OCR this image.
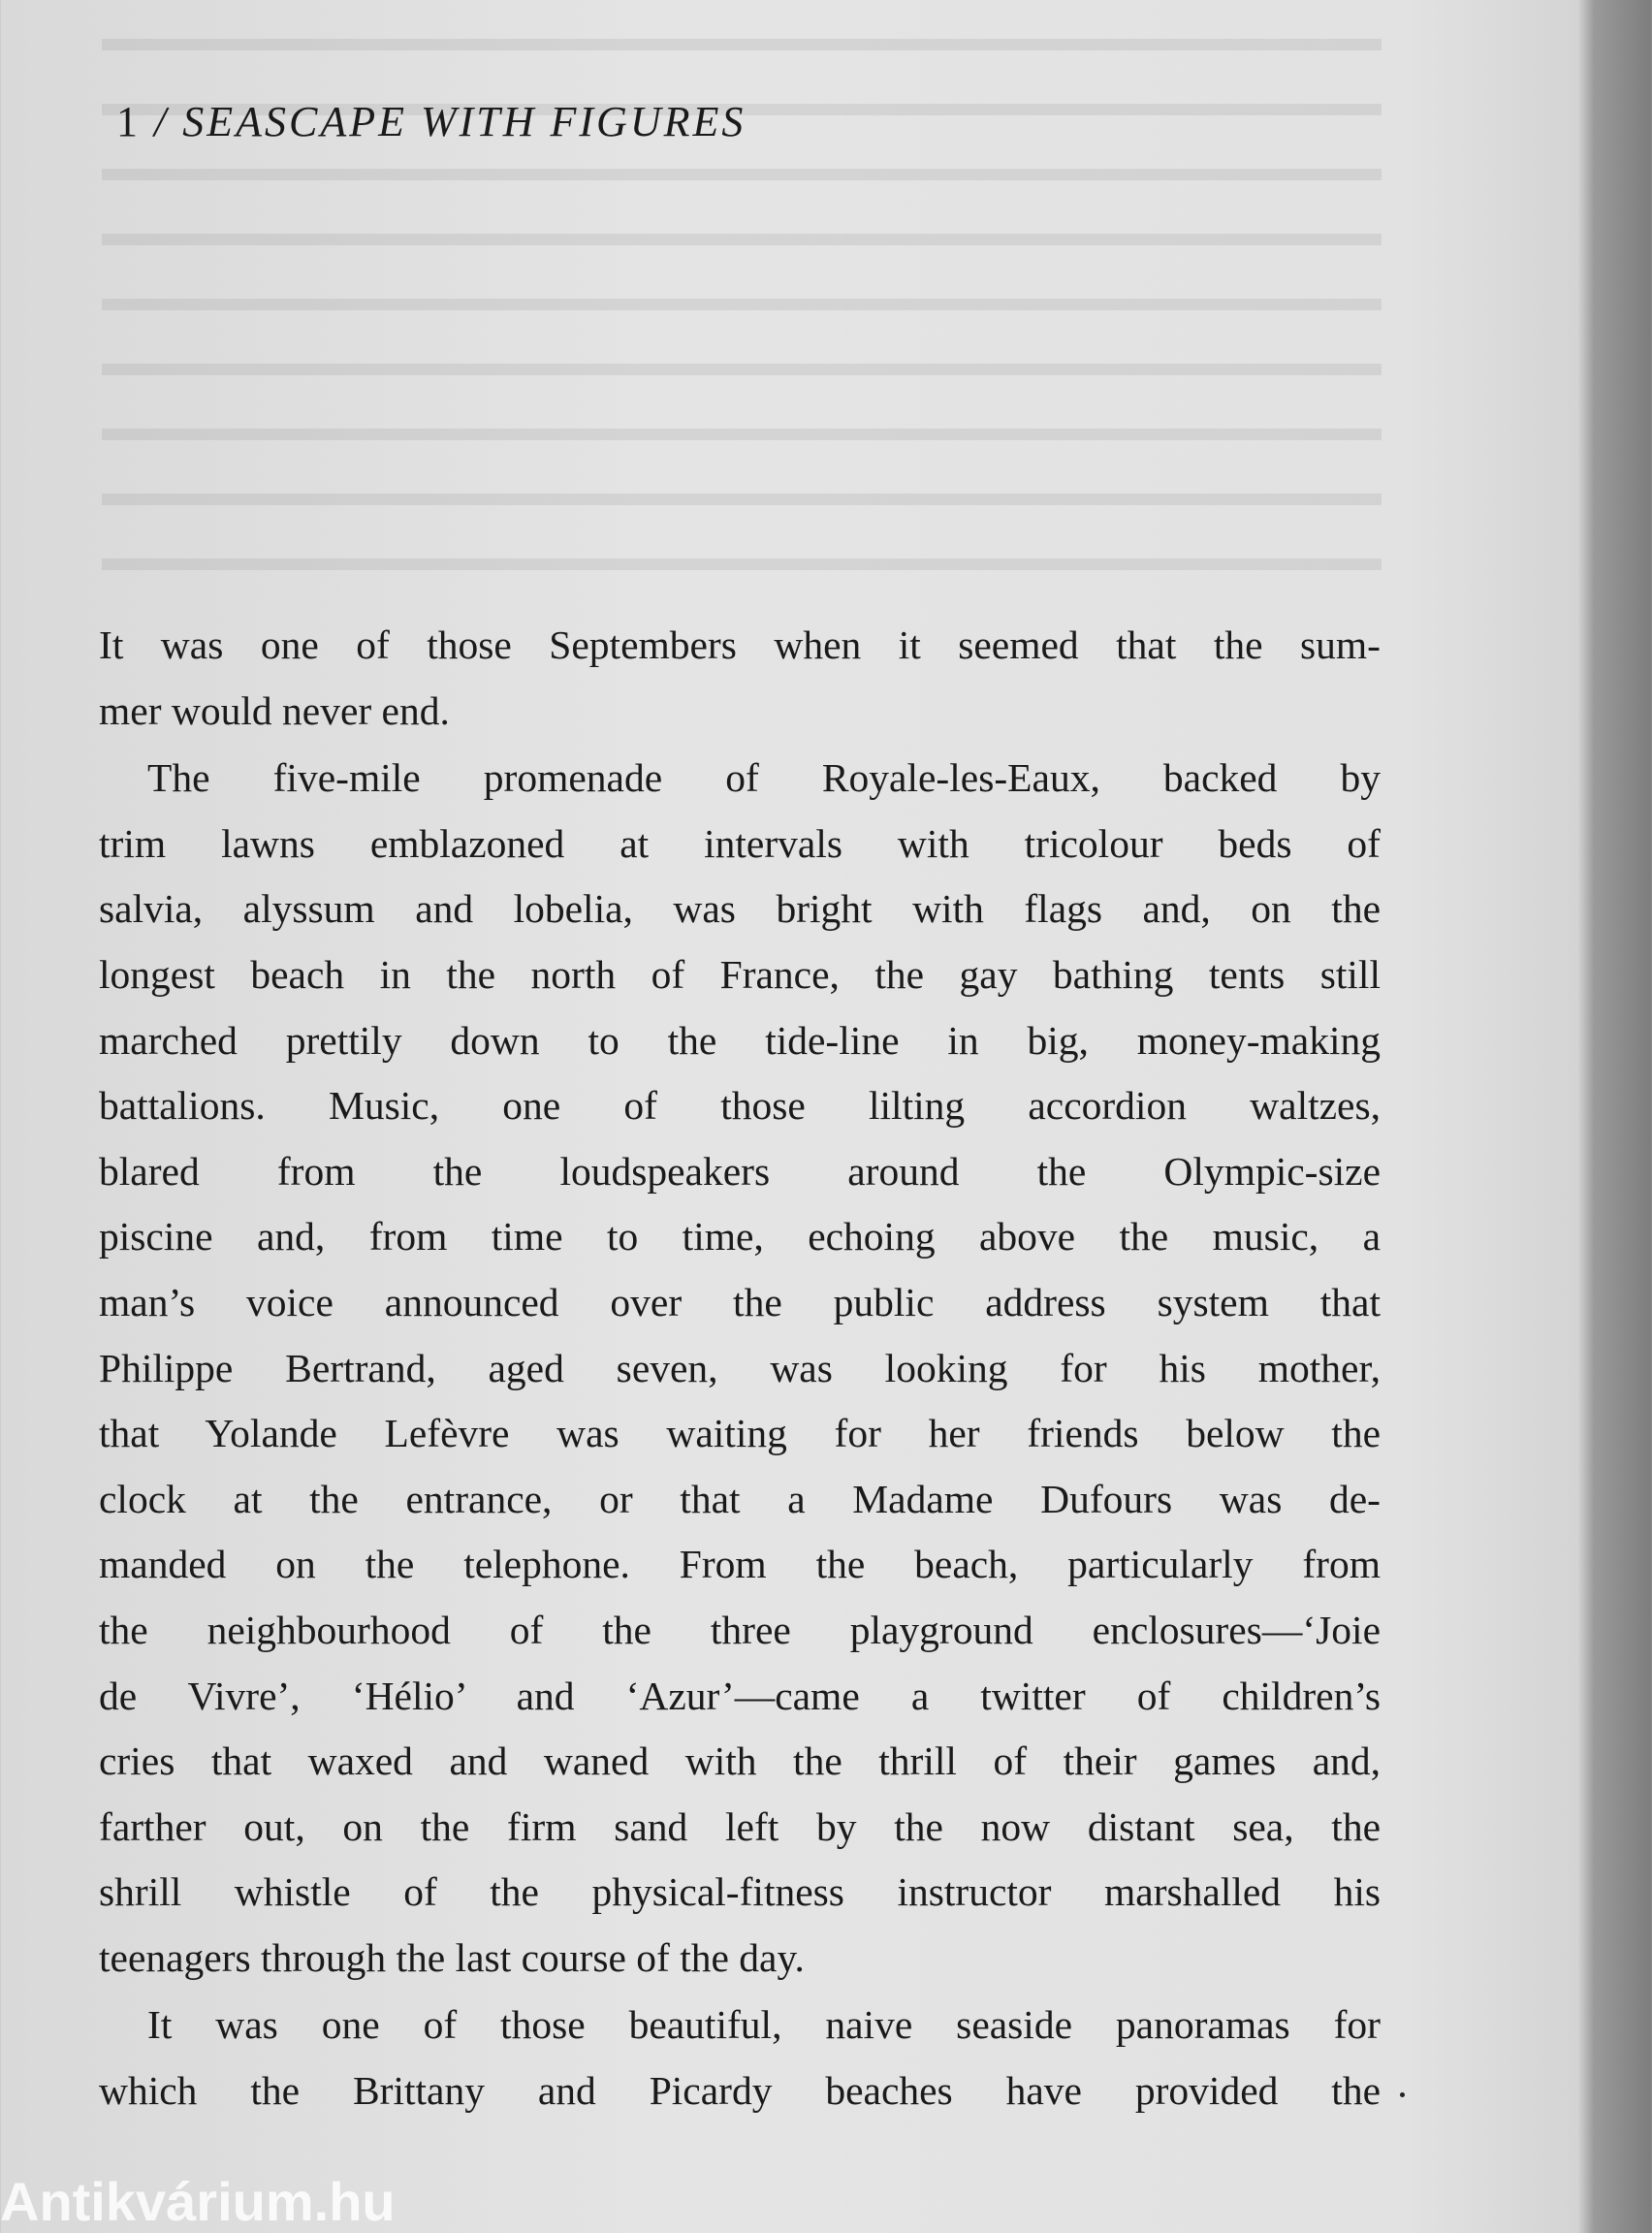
1 / SEASCAPE WITH FIGURES
It was one of those Septembers when it seemed that the sum-
mer would never end.
The five-mile promenade of Royale-les-Eaux, backed by
trim lawns emblazoned at intervals with tricolour beds of
salvia, alyssum and lobelia, was bright with flags and, on the
longest beach in the north of France, the gay bathing tents still
marched prettily down to the tide-line in big, money-making
battalions. Music, one of those lilting accordion waltzes,
blared from the loudspeakers around the Olympic-size
piscine and, from time to time, echoing above the music, a
man’s voice announced over the public address system that
Philippe Bertrand, aged seven, was looking for his mother,
that Yolande Lefèvre was waiting for her friends below the
clock at the entrance, or that a Madame Dufours was de-
manded on the telephone. From the beach, particularly from
the neighbourhood of the three playground enclosures—‘Joie
de Vivre’, ‘Hélio’ and ‘Azur’—came a twitter of children’s
cries that waxed and waned with the thrill of their games and,
farther out, on the firm sand left by the now distant sea, the
shrill whistle of the physical-fitness instructor marshalled his
teenagers through the last course of the day.
It was one of those beautiful, naive seaside panoramas for
which the Brittany and Picardy beaches have provided the
Antikvárium.hu
